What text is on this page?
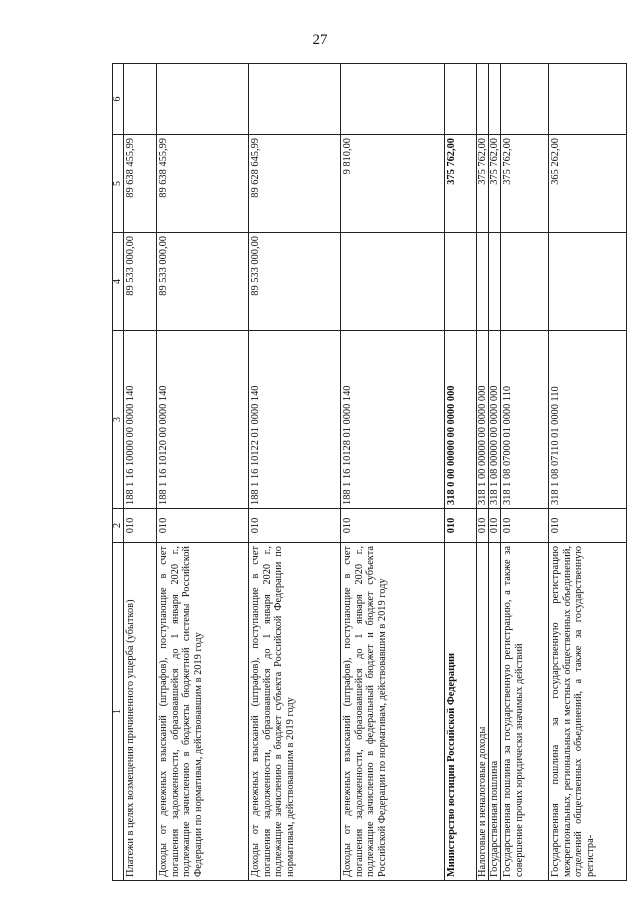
27
1	2	3	4	5	6
Платежи в целях возмещения причиненного ущерба (убытков)	010	188 1 16 10000 00 0000 140	89 533 000,00	89 638 455,99	
Доходы от денежных взысканий (штрафов), поступающие в счет погашения задолженности, образовавшейся до 1 января 2020 г., подлежащие зачислению в бюджеты бюджетной системы Российской Федерации по нормативам, действовавшим в 2019 году	010	188 1 16 10120 00 0000 140	89 533 000,00	89 638 455,99	
Доходы от денежных взысканий (штрафов), поступающие в счет погашения задолженности, образовавшейся до 1 января 2020 г., подлежащие зачислению в бюджет субъекта Российской Федерации по нормативам, действовавшим в 2019 году	010	188 1 16 10122 01 0000 140	89 533 000,00	89 628 645,99	
Доходы от денежных взысканий (штрафов), поступающие в счет погашения задолженности, образовавшейся до 1 января 2020 г., подлежащие зачислению в федеральный бюджет и бюджет субъекта Российской Федерации по нормативам, действовавшим в 2019 году	010	188 1 16 10128 01 0000 140		9 810,00	
Министерство юстиции Российской Федерации	010	318 0 00 00000 00 0000 000		375 762,00	
Налоговые и неналоговые доходы	010	318 1 00 00000 00 0000 000		375 762,00	
Государственная пошлина	010	318 1 08 00000 00 0000 000		375 762,00	
Государственная пошлина за государственную регистрацию, а также за совершение прочих юридически значимых действий	010	318 1 08 07000 01 0000 110		375 762,00	
Государственная пошлина за государственную регистрацию межрегиональных, региональных и местных общественных объединений, отделений общественных объединений, а также за государственную регистра-	010	318 1 08 07110 01 0000 110		365 262,00	
